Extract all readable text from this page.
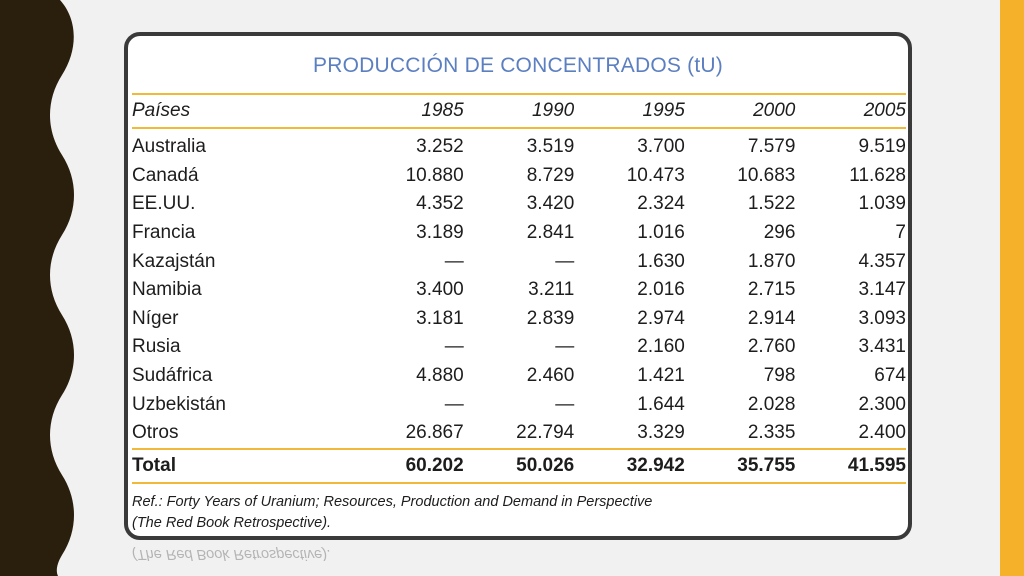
PRODUCCIÓN DE CONCENTRADOS (tU)
Países	1985	1990	1995	2000	2005
Australia	3.252	3.519	3.700	7.579	9.519
Canadá	10.880	8.729	10.473	10.683	11.628
EE.UU.	4.352	3.420	2.324	1.522	1.039
Francia	3.189	2.841	1.016	296	7
Kazajstán	—	—	1.630	1.870	4.357
Namibia	3.400	3.211	2.016	2.715	3.147
Níger	3.181	2.839	2.974	2.914	3.093
Rusia	—	—	2.160	2.760	3.431
Sudáfrica	4.880	2.460	1.421	798	674
Uzbekistán	—	—	1.644	2.028	2.300
Otros	26.867	22.794	3.329	2.335	2.400
Total	60.202	50.026	32.942	35.755	41.595
Ref.: Forty Years of Uranium; Resources, Production and Demand in Perspective
(The Red Book Retrospective).
(The Red Book Retrospective).
